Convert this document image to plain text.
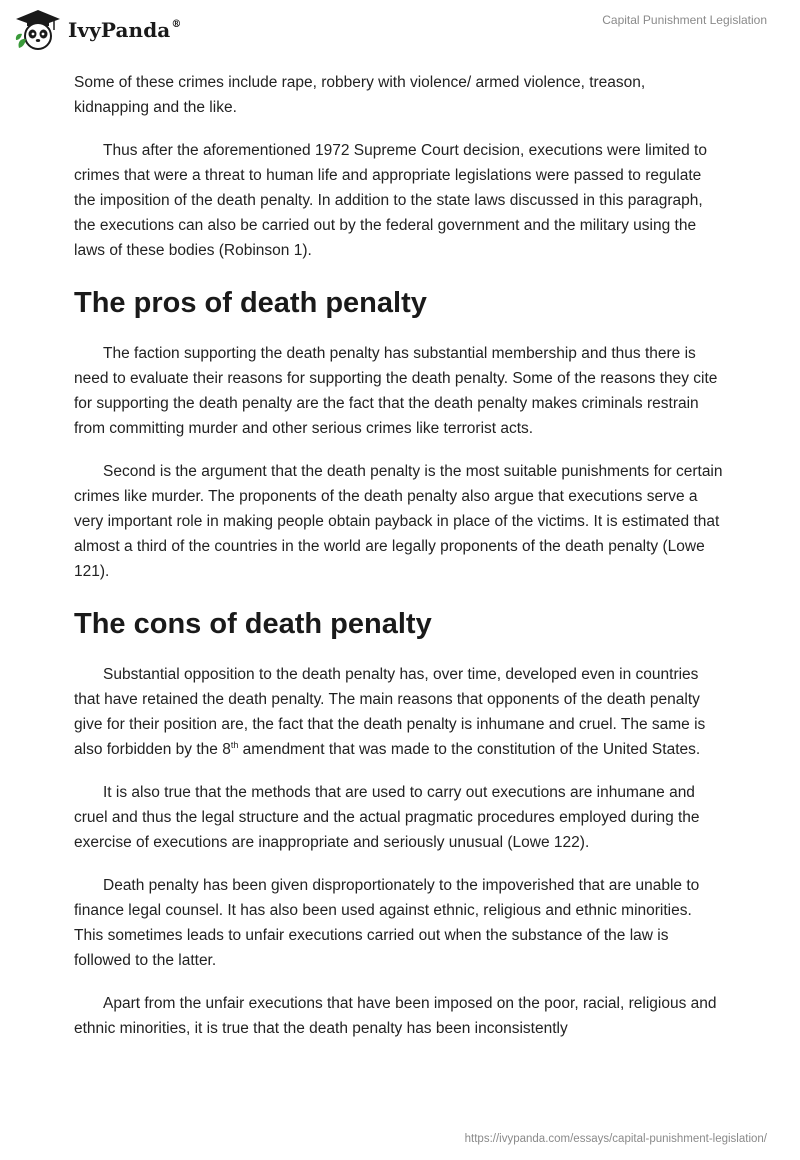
IvyPanda®	Capital Punishment Legislation

Some of these crimes include rape, robbery with violence/ armed violence, treason, kidnapping and the like.

Thus after the aforementioned 1972 Supreme Court decision, executions were limited to crimes that were a threat to human life and appropriate legislations were passed to regulate the imposition of the death penalty. In addition to the state laws discussed in this paragraph, the executions can also be carried out by the federal government and the military using the laws of these bodies (Robinson 1).

The pros of death penalty

The faction supporting the death penalty has substantial membership and thus there is need to evaluate their reasons for supporting the death penalty. Some of the reasons they cite for supporting the death penalty are the fact that the death penalty makes criminals restrain from committing murder and other serious crimes like terrorist acts.

Second is the argument that the death penalty is the most suitable punishments for certain crimes like murder. The proponents of the death penalty also argue that executions serve a very important role in making people obtain payback in place of the victims. It is estimated that almost a third of the countries in the world are legally proponents of the death penalty (Lowe 121).

The cons of death penalty

Substantial opposition to the death penalty has, over time, developed even in countries that have retained the death penalty. The main reasons that opponents of the death penalty give for their position are, the fact that the death penalty is inhumane and cruel. The same is also forbidden by the 8th amendment that was made to the constitution of the United States.

It is also true that the methods that are used to carry out executions are inhumane and cruel and thus the legal structure and the actual pragmatic procedures employed during the exercise of executions are inappropriate and seriously unusual (Lowe 122).

Death penalty has been given disproportionately to the impoverished that are unable to finance legal counsel. It has also been used against ethnic, religious and ethnic minorities. This sometimes leads to unfair executions carried out when the substance of the law is followed to the latter.

Apart from the unfair executions that have been imposed on the poor, racial, religious and ethnic minorities, it is true that the death penalty has been inconsistently

https://ivypanda.com/essays/capital-punishment-legislation/
